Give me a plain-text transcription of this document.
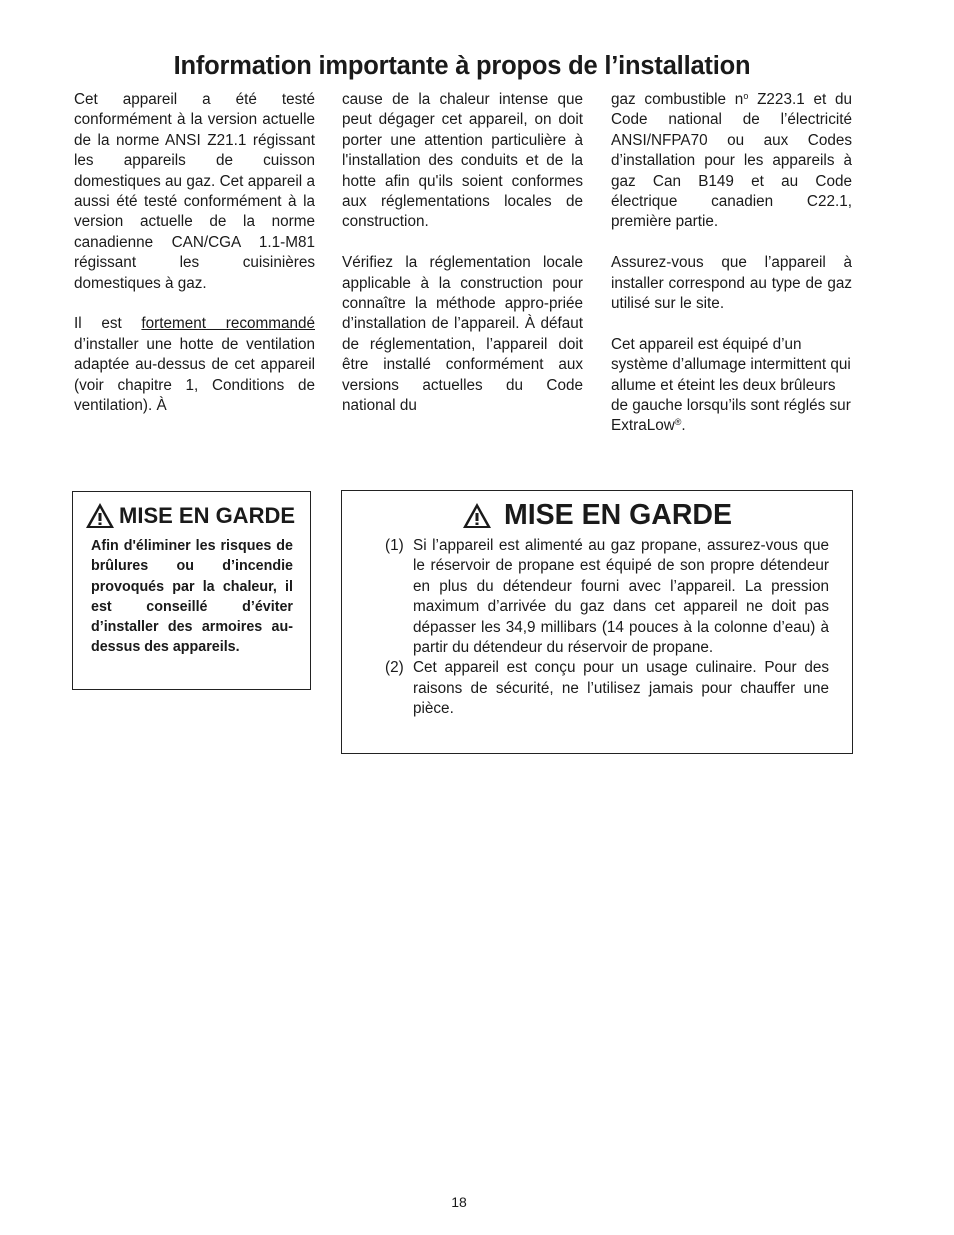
Information importante à propos de l’installation

Cet appareil a été testé conformément à la version actuelle de la norme ANSI Z21.1 régissant les appareils de cuisson domestiques au gaz. Cet appareil a aussi été testé conformément à la version actuelle de la norme canadienne CAN/CGA 1.1-M81 régissant les cuisinières domestiques à gaz.

Il est fortement recommandé d’installer une hotte de ventilation adaptée au-dessus de cet appareil (voir chapitre 1, Conditions de ventilation). À

cause de la chaleur intense que peut dégager cet appareil, on doit porter une attention particulière à l'installation des conduits et de la hotte afin qu'ils soient conformes aux réglementations locales de construction.

Vérifiez la réglementation locale applicable à la construction pour connaître la méthode appro-priée d’installation de l’appareil. À défaut de réglementation, l’appareil doit être installé conformément aux versions actuelles du Code national du

gaz combustible $n^o$ Z223.1 et du Code national de l’électricité ANSI/NFPA70 ou aux Codes d’installation pour les appareils à gaz Can B149 et au Code électrique canadien C22.1, première partie.

Assurez-vous que l’appareil à installer correspond au type de gaz utilisé sur le site.

Cet appareil est équipé d’un système d’allumage intermittent qui allume et éteint les deux brûleurs de gauche lorsqu’ils sont réglés sur ExtraLow®.

MISE EN GARDE
Afin d'éliminer les risques de brûlures ou d’incendie provoqués par la chaleur, il est conseillé d’éviter d’installer des armoires au-dessus des appareils.
MISE EN GARDE
(1) Si l’appareil est alimenté au gaz propane, assurez-vous que le réservoir de propane est équipé de son propre détendeur en plus du détendeur fourni avec l’appareil. La pression maximum d’arrivée du gaz dans cet appareil ne doit pas dépasser les 34,9 millibars (14 pouces à la colonne d’eau) à partir du détendeur du réservoir de propane.
(2) Cet appareil est conçu pour un usage culinaire. Pour des raisons de sécurité, ne l’utilisez jamais pour chauffer une pièce.
18
